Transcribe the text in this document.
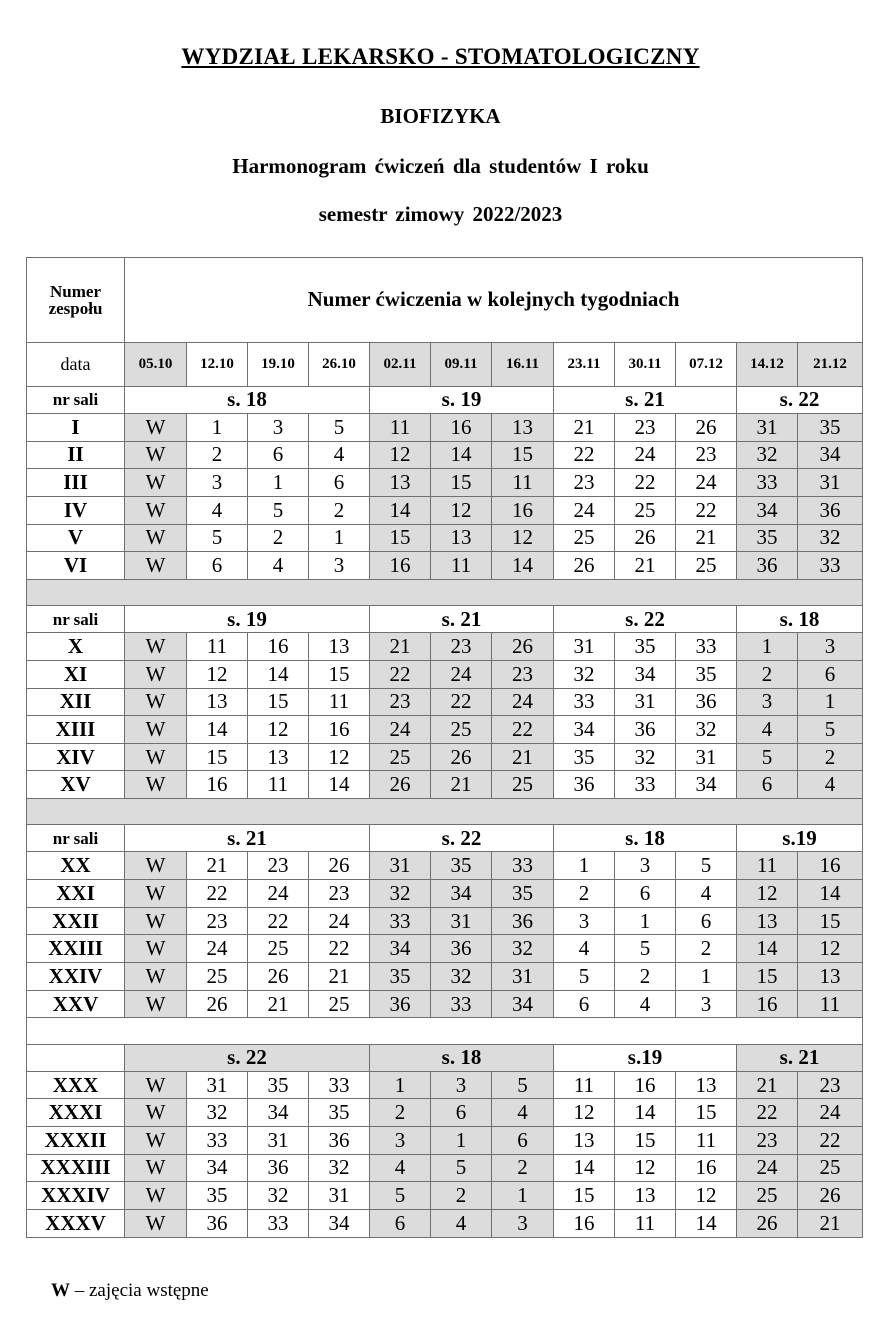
WYDZIAŁ LEKARSKO - STOMATOLOGICZNY
BIOFIZYKA
Harmonogram ćwiczeń dla studentów I roku
semestr zimowy 2022/2023
Numer zespołu	Numer ćwiczenia w kolejnych tygodniach											
data	05.10	12.10	19.10	26.10	02.11	09.11	16.11	23.11	30.11	07.12	14.12	21.12
nr sali	s. 18				s. 19			s. 21			s. 22	
I	W	1	3	5	11	16	13	21	23	26	31	35
II	W	2	6	4	12	14	15	22	24	23	32	34
III	W	3	1	6	13	15	11	23	22	24	33	31
IV	W	4	5	2	14	12	16	24	25	22	34	36
V	W	5	2	1	15	13	12	25	26	21	35	32
VI	W	6	4	3	16	11	14	26	21	25	36	33

nr sali	s. 19				s. 21			s. 22			s. 18	
X	W	11	16	13	21	23	26	31	35	33	1	3
XI	W	12	14	15	22	24	23	32	34	35	2	6
XII	W	13	15	11	23	22	24	33	31	36	3	1
XIII	W	14	12	16	24	25	22	34	36	32	4	5
XIV	W	15	13	12	25	26	21	35	32	31	5	2
XV	W	16	11	14	26	21	25	36	33	34	6	4

nr sali	s. 21				s. 22			s. 18			s.19	
XX	W	21	23	26	31	35	33	1	3	5	11	16
XXI	W	22	24	23	32	34	35	2	6	4	12	14
XXII	W	23	22	24	33	31	36	3	1	6	13	15
XXIII	W	24	25	22	34	36	32	4	5	2	14	12
XXIV	W	25	26	21	35	32	31	5	2	1	15	13
XXV	W	26	21	25	36	33	34	6	4	3	16	11

	s. 22				s. 18			s.19			s. 21	
XXX	W	31	35	33	1	3	5	11	16	13	21	23
XXXI	W	32	34	35	2	6	4	12	14	15	22	24
XXXII	W	33	31	36	3	1	6	13	15	11	23	22
XXXIII	W	34	36	32	4	5	2	14	12	16	24	25
XXXIV	W	35	32	31	5	2	1	15	13	12	25	26
XXXV	W	36	33	34	6	4	3	16	11	14	26	21
W – zajęcia wstępne
